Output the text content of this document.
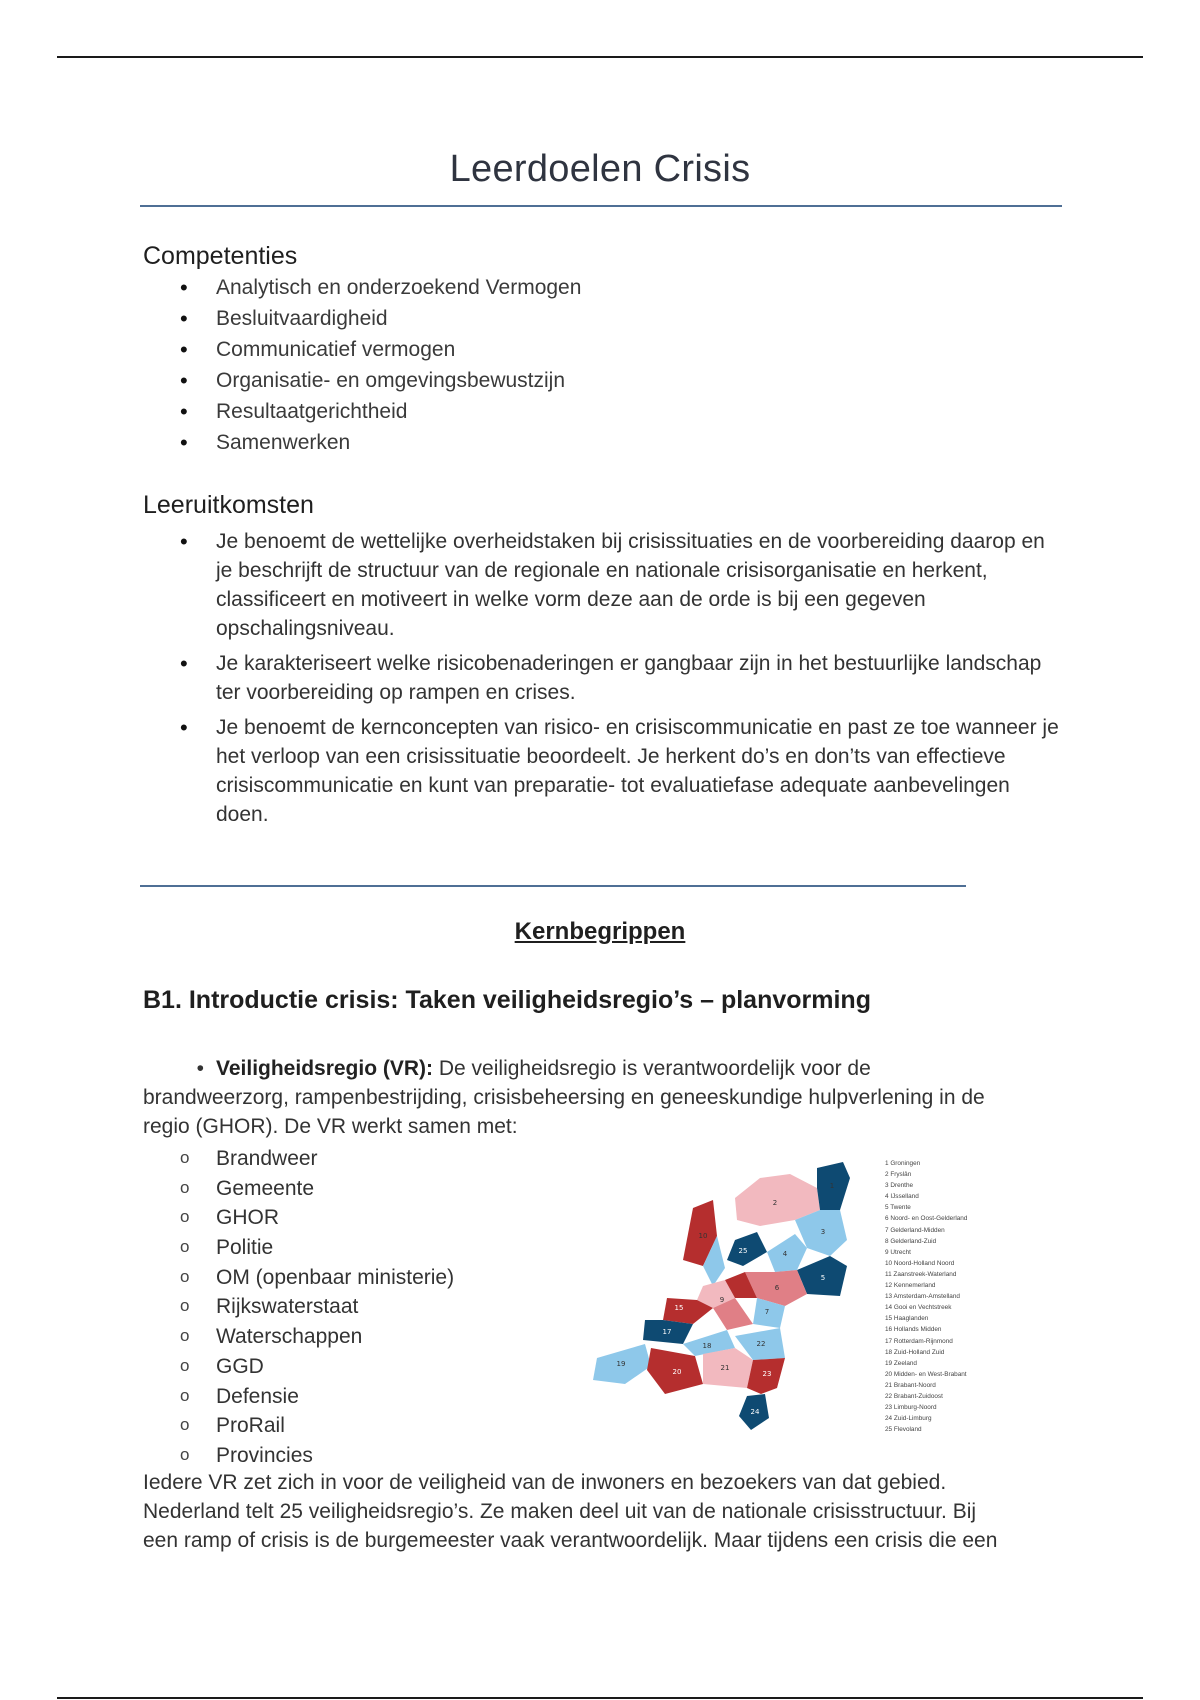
Leerdoelen Crisis
Competenties
• Analytisch en onderzoekend Vermogen
• Besluitvaardigheid
• Communicatief vermogen
• Organisatie- en omgevingsbewustzijn
• Resultaatgerichtheid
• Samenwerken
Leeruitkomsten
• Je benoemt de wettelijke overheidstaken bij crisissituaties en de voorbereiding daarop en je beschrijft de structuur van de regionale en nationale crisisorganisatie en herkent, classificeert en motiveert in welke vorm deze aan de orde is bij een gegeven opschalingsniveau.
• Je karakteriseert welke risicobenaderingen er gangbaar zijn in het bestuurlijke landschap ter voorbereiding op rampen en crises.
• Je benoemt de kernconcepten van risico- en crisiscommunicatie en past ze toe wanneer je het verloop van een crisissituatie beoordeelt. Je herkent do’s en don’ts van effectieve crisiscommunicatie en kunt van preparatie- tot evaluatiefase adequate aanbevelingen doen.
Kernbegrippen
B1. Introductie crisis: Taken veiligheidsregio’s – planvorming
• Veiligheidsregio (VR): De veiligheidsregio is verantwoordelijk voor de
brandweerzorg, rampenbestrijding, crisisbeheersing en geneeskundige hulpverlening in de
regio (GHOR). De VR werkt samen met:
o Brandweer
o Gemeente
o GHOR
o Politie
o OM (openbaar ministerie)
o Rijkswaterstaat
o Waterschappen
o GGD
o Defensie
o ProRail
o Provincies
2
1
3
10
25	4
5
6
7
9
15
17
18
19
20	21
22
23
24
1 Groningen
2 Fryslân
3 Drenthe
4 IJsselland
5 Twente
6 Noord- en Oost-Gelderland
7 Gelderland-Midden
8 Gelderland-Zuid
9 Utrecht
10 Noord-Holland Noord
11 Zaanstreek-Waterland
12 Kennemerland
13 Amsterdam-Amstelland
14 Gooi en Vechtstreek
15 Haaglanden
16 Hollands Midden
17 Rotterdam-Rijnmond
18 Zuid-Holland Zuid
19 Zeeland
20 Midden- en West-Brabant
21 Brabant-Noord
22 Brabant-Zuidoost
23 Limburg-Noord
24 Zuid-Limburg
25 Flevoland
Iedere VR zet zich in voor de veiligheid van de inwoners en bezoekers van dat gebied.
Nederland telt 25 veiligheidsregio’s. Ze maken deel uit van de nationale crisisstructuur. Bij
een ramp of crisis is de burgemeester vaak verantwoordelijk. Maar tijdens een crisis die een
